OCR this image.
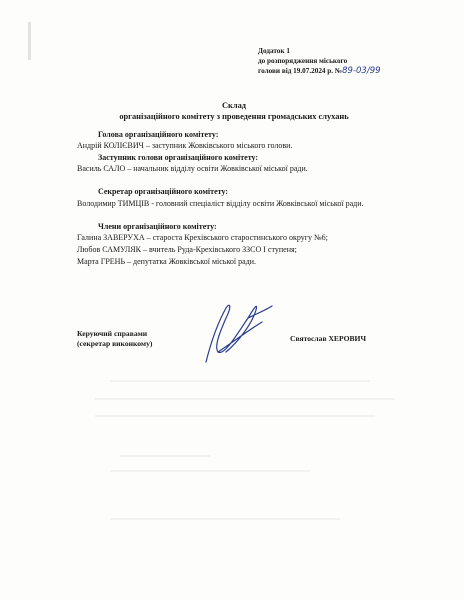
Додаток 1
до розпорядження міського
голови від 19.07.2024 р. №89-03/99
Склад
організаційного комітету з проведення громадських слухань
Голова організаційного комітету:
Андрій КОЛІЄВИЧ – заступник Жовківського міського голови.
Заступник голови організаційного комітету:
Василь САЛО – начальник відділу освіти Жовківської міської ради.
Секретар організаційного комітету:
Володимир ТИМЦІВ - головний спеціаліст відділу освіти Жовківської міської ради.
Члени організаційного комітету:
Галина ЗАВЕРУХА – староста Крехівського старостинського округу №6;
Любов САМУЛЯК – вчитель Руда-Крехівського ЗЗСО І ступеня;
Марта ГРЕНЬ – депутатка Жовківської міської ради.
Керуючий справами
(секретар виконкому)
Святослав ХЕРОВИЧ
